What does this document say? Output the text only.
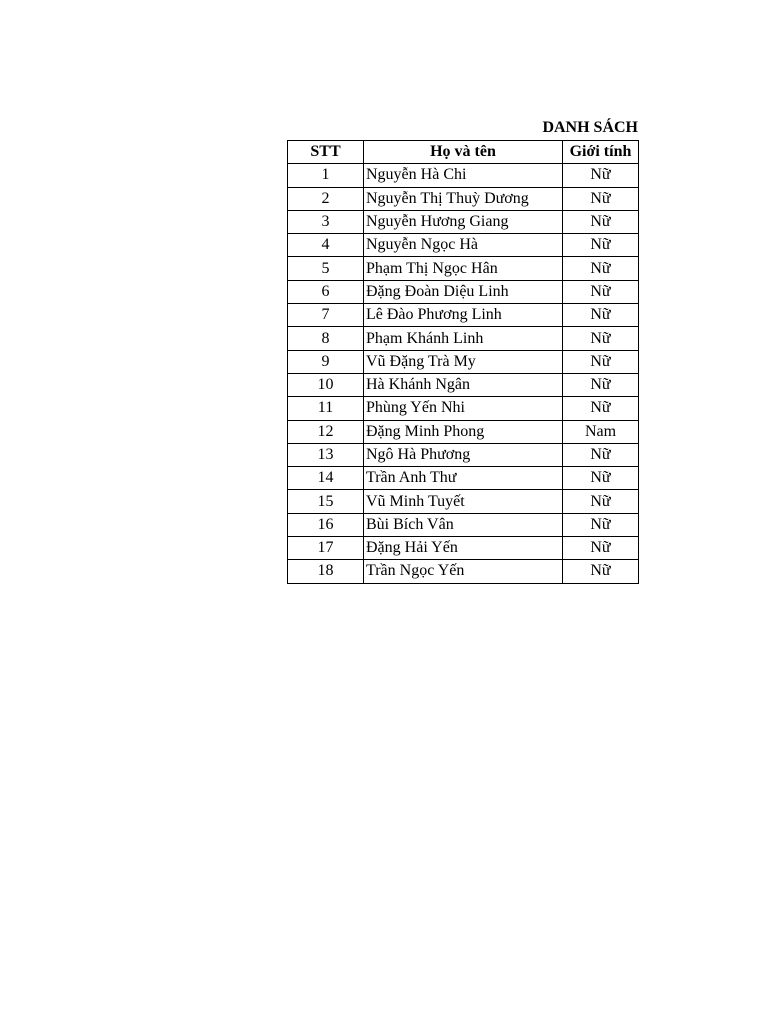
DANH SÁCH
STT	Họ và tên	Giới tính
1	Nguyễn Hà Chi	Nữ
2	Nguyễn Thị Thuỳ Dương	Nữ
3	Nguyễn Hương Giang	Nữ
4	Nguyễn Ngọc Hà	Nữ
5	Phạm Thị Ngọc Hân	Nữ
6	Đặng Đoàn Diệu Linh	Nữ
7	Lê Đào Phương Linh	Nữ
8	Phạm Khánh Linh	Nữ
9	Vũ Đặng Trà My	Nữ
10	Hà Khánh Ngân	Nữ
11	Phùng Yến Nhi	Nữ
12	Đặng Minh Phong	Nam
13	Ngô Hà Phương	Nữ
14	Trần Anh Thư	Nữ
15	Vũ Minh Tuyết	Nữ
16	Bùi Bích Vân	Nữ
17	Đặng Hải Yến	Nữ
18	Trần Ngọc Yến	Nữ
